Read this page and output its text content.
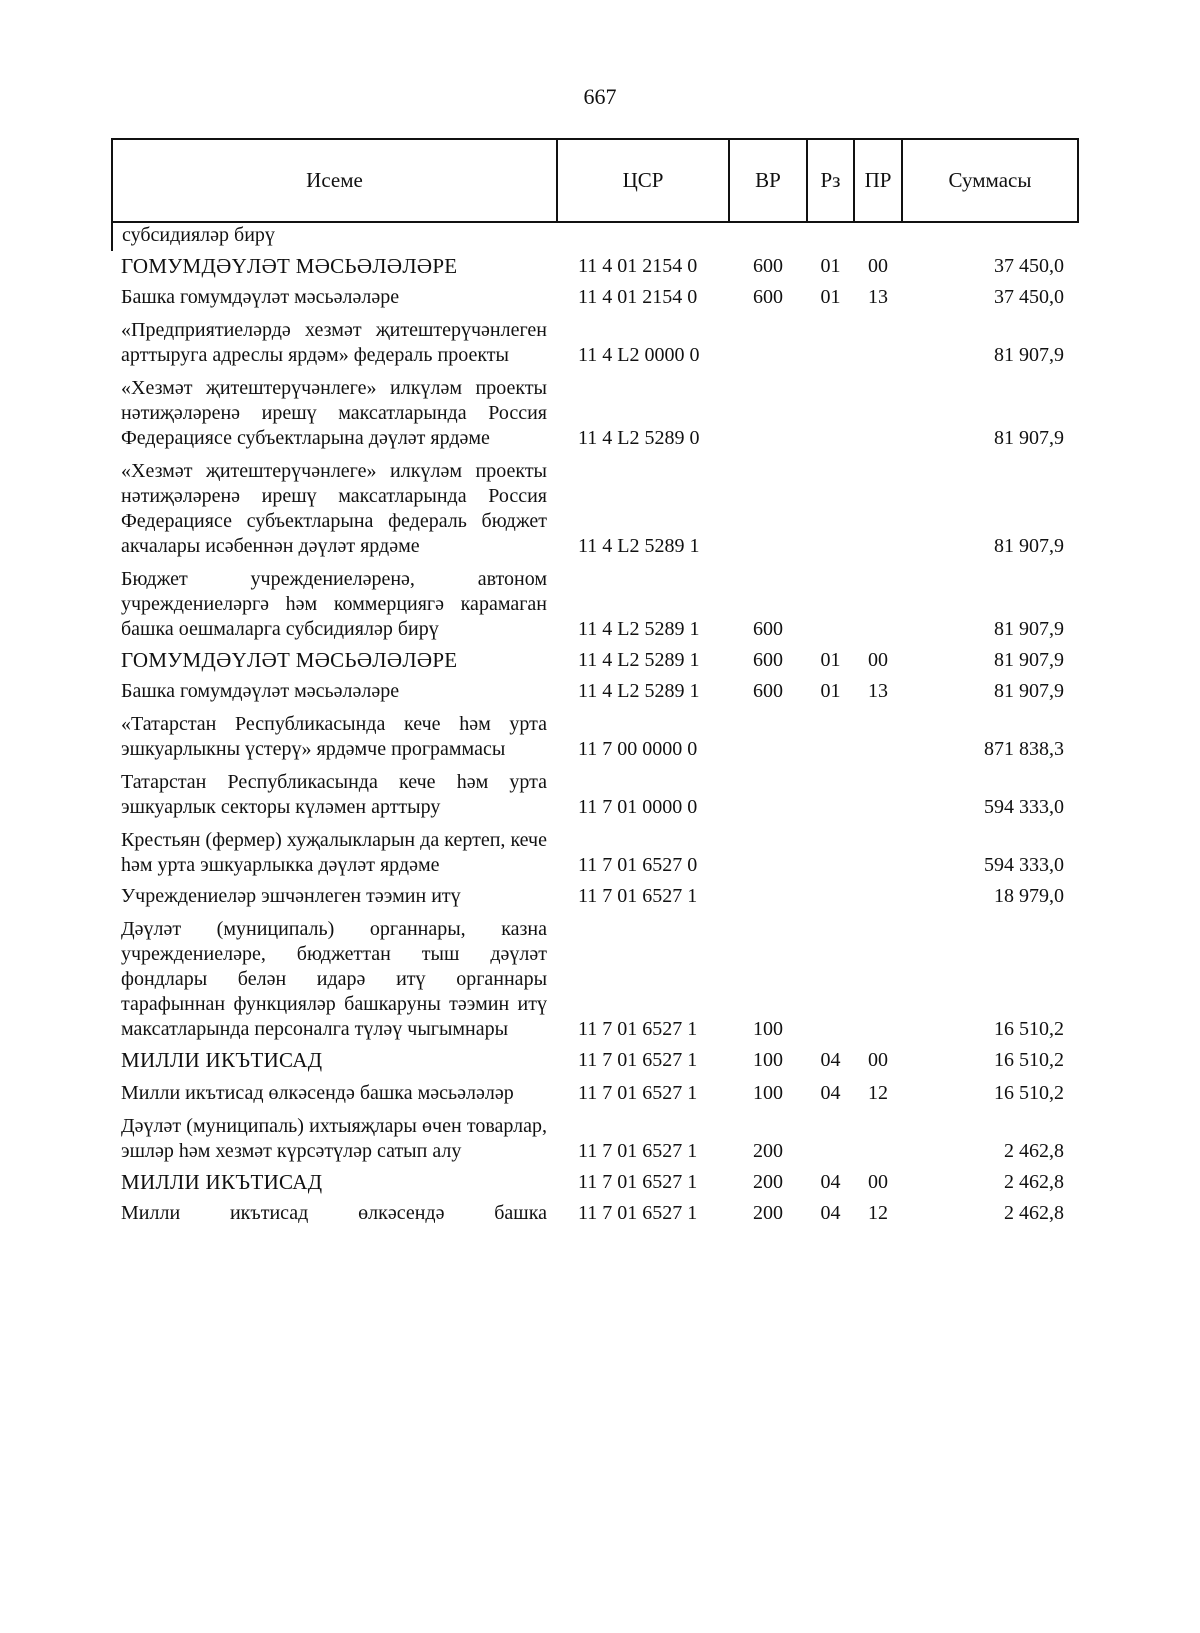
667
Исеме	ЦСР	ВР	Рз	ПР	Суммасы
субсидияләр бирү					
ГОМУМДӘҮЛӘТ МӘСЬӘЛӘЛӘРЕ	11 4 01 2154 0	600	01	00	37 450,0
Башка гомумдәүләт мәсьәләләре	11 4 01 2154 0	600	01	13	37 450,0
«Предприятиеләрдә хезмәт җитештерүчәнлеген арттыруга адреслы ярдәм» федераль проекты	11 4 L2 0000 0				81 907,9
«Хезмәт җитештерүчәнлеге» илкүләм проекты нәтиҗәләренә ирешү максатларында Россия Федерациясе субъектларына дәүләт ярдәме	11 4 L2 5289 0				81 907,9
«Хезмәт җитештерүчәнлеге» илкүләм проекты нәтиҗәләренә ирешү максатларында Россия Федерациясе субъектларына федераль бюджет акчалары исәбеннән дәүләт ярдәме	11 4 L2 5289 1				81 907,9
Бюджет учреждениеләренә, автоном учреждениеләргә һәм коммерциягә карамаган башка оешмаларга субсидияләр бирү	11 4 L2 5289 1	600			81 907,9
ГОМУМДӘҮЛӘТ МӘСЬӘЛӘЛӘРЕ	11 4 L2 5289 1	600	01	00	81 907,9
Башка гомумдәүләт мәсьәләләре	11 4 L2 5289 1	600	01	13	81 907,9
«Татарстан Республикасында кече һәм урта эшкуарлыкны үстерү» ярдәмче программасы	11 7 00 0000 0				871 838,3
Татарстан Республикасында кече һәм урта эшкуарлык секторы күләмен арттыру	11 7 01 0000 0				594 333,0
Крестьян (фермер) хуҗалыкларын да кертеп, кече һәм урта эшкуарлыкка дәүләт ярдәме	11 7 01 6527 0				594 333,0
Учреждениеләр эшчәнлеген тәэмин итү	11 7 01 6527 1				18 979,0
Дәүләт (муниципаль) органнары, казна учреждениеләре, бюджеттан тыш дәүләт фондлары белән идарә итү органнары тарафыннан функцияләр башкаруны тәэмин итү максатларында персоналга түләү чыгымнары	11 7 01 6527 1	100			16 510,2
МИЛЛИ ИКЪТИСАД	11 7 01 6527 1	100	04	00	16 510,2
Милли икътисад өлкәсендә башка мәсьәләләр	11 7 01 6527 1	100	04	12	16 510,2
Дәүләт (муниципаль) ихтыяҗлары өчен товарлар, эшләр һәм хезмәт күрсәтүләр сатып алу	11 7 01 6527 1	200			2 462,8
МИЛЛИ ИКЪТИСАД	11 7 01 6527 1	200	04	00	2 462,8
Милли икътисад өлкәсендә башка	11 7 01 6527 1	200	04	12	2 462,8
